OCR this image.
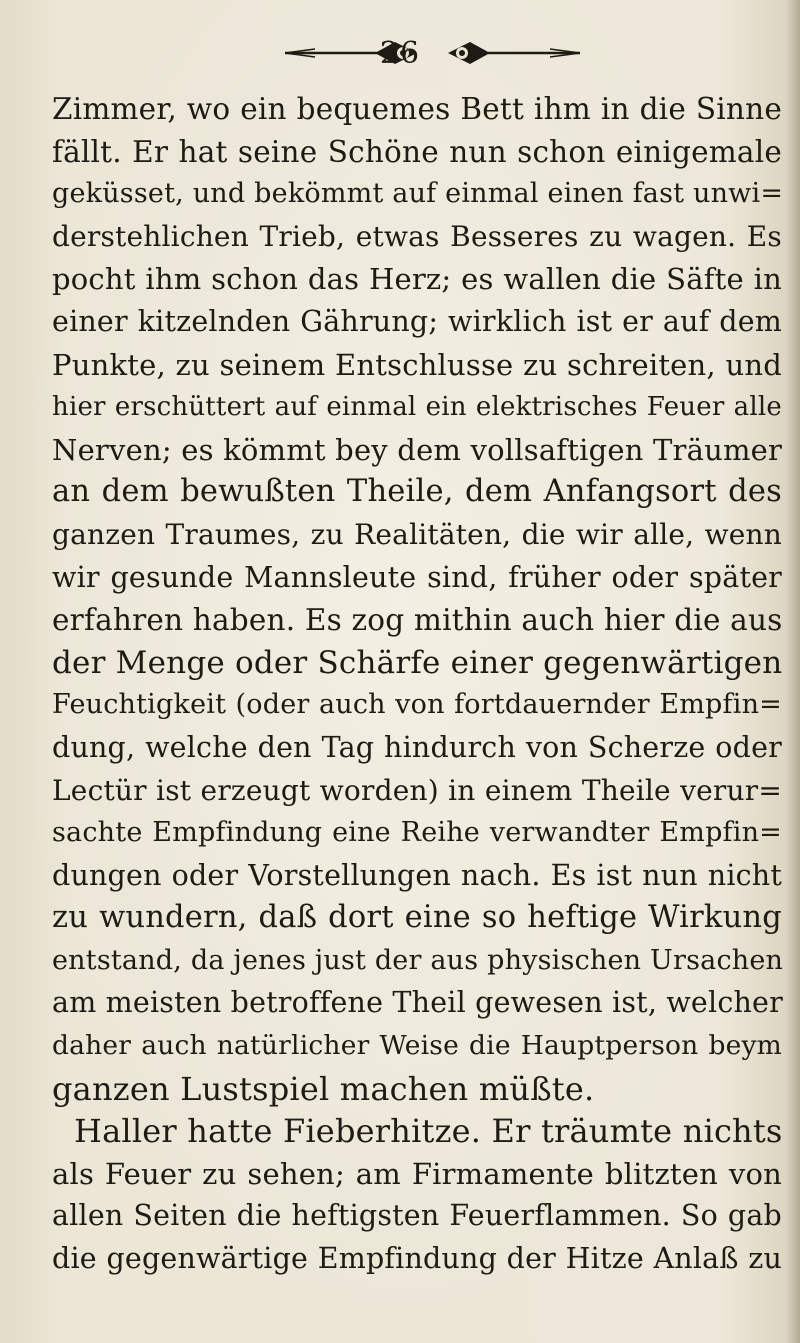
26
Zimmer, wo ein bequemes Bett ihm in die Sinne
fällt. Er hat seine Schöne nun schon einigemale
geküsset, und bekömmt auf einmal einen fast unwi=
derstehlichen Trieb, etwas Besseres zu wagen. Es
pocht ihm schon das Herz; es wallen die Säfte in
einer kitzelnden Gährung; wirklich ist er auf dem
Punkte, zu seinem Entschlusse zu schreiten, und
hier erschüttert auf einmal ein elektrisches Feuer alle
Nerven; es kömmt bey dem vollsaftigen Träumer
an dem bewußten Theile, dem Anfangsort des
ganzen Traumes, zu Realitäten, die wir alle, wenn
wir gesunde Mannsleute sind, früher oder später
erfahren haben. Es zog mithin auch hier die aus
der Menge oder Schärfe einer gegenwärtigen
Feuchtigkeit (oder auch von fortdauernder Empfin=
dung, welche den Tag hindurch von Scherze oder
Lectür ist erzeugt worden) in einem Theile verur=
sachte Empfindung eine Reihe verwandter Empfin=
dungen oder Vorstellungen nach. Es ist nun nicht
zu wundern, daß dort eine so heftige Wirkung
entstand, da jenes just der aus physischen Ursachen
am meisten betroffene Theil gewesen ist, welcher
daher auch natürlicher Weise die Hauptperson beym
ganzen Lustspiel machen müßte.
Haller hatte Fieberhitze. Er träumte nichts
als Feuer zu sehen; am Firmamente blitzten von
allen Seiten die heftigsten Feuerflammen. So gab
die gegenwärtige Empfindung der Hitze Anlaß zu
